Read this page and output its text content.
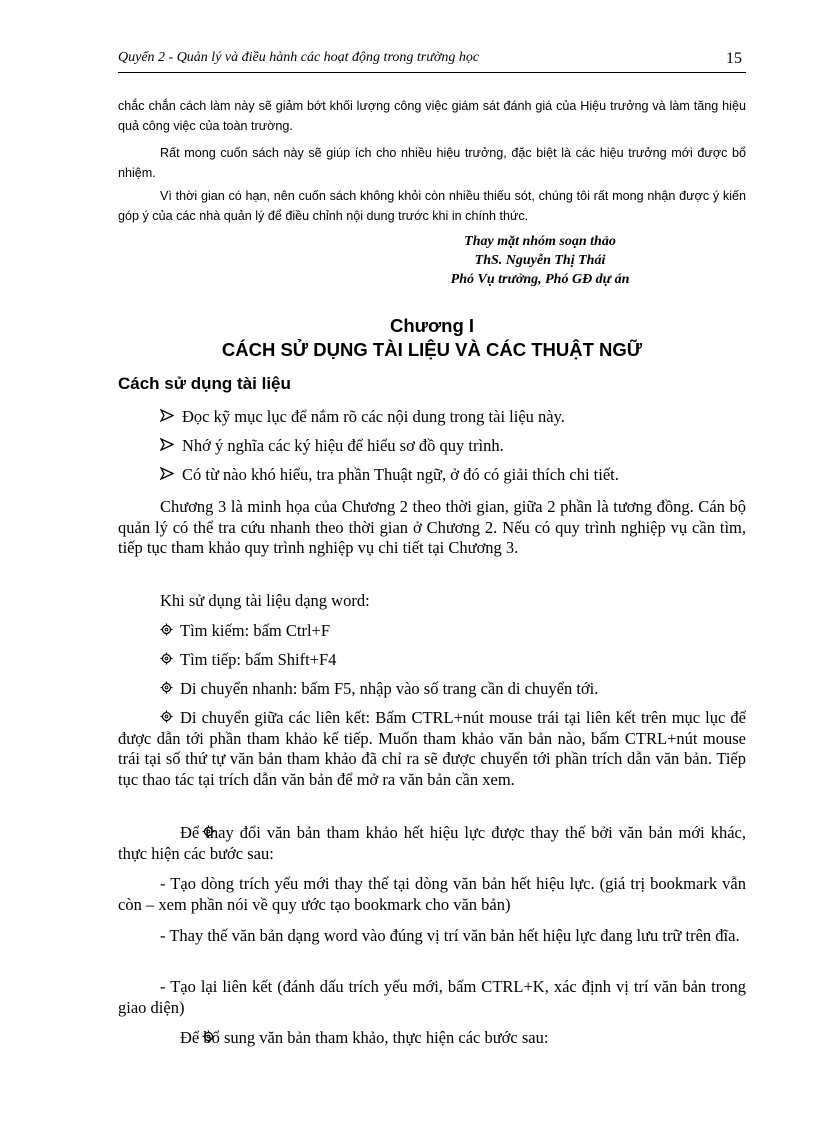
Quyển 2 - Quản lý và điều hành các hoạt động trong trường học	15
chắc chắn cách làm này sẽ giảm bớt khối lượng công việc giám sát đánh giá của Hiệu trưởng và làm tăng hiệu quả công việc của toàn trường.
Rất mong cuốn sách này sẽ giúp ích cho nhiều hiệu trưởng, đặc biệt là các hiệu trưởng mới được bổ nhiệm.
Vì thời gian có hạn, nên cuốn sách không khỏi còn nhiều thiếu sót, chúng tôi rất mong nhận được ý kiến góp ý của các nhà quản lý để điều chỉnh nội dung trước khi in chính thức.
Thay mặt nhóm soạn thảo
ThS. Nguyễn Thị Thái
Phó Vụ trưởng, Phó GĐ dự án
Chương I
CÁCH SỬ DỤNG TÀI LIỆU VÀ CÁC THUẬT NGỮ
Cách sử dụng tài liệu
Đọc kỹ mục lục để nắm rõ các nội dung trong tài liệu này.
Nhớ ý nghĩa các ký hiệu để hiểu sơ đồ quy trình.
Có từ nào khó hiểu, tra phần Thuật ngữ, ở đó có giải thích chi tiết.
Chương 3 là minh họa của Chương 2 theo thời gian, giữa 2 phần là tương đồng. Cán bộ quản lý có thể tra cứu nhanh theo thời gian ở Chương 2. Nếu có quy trình nghiệp vụ cần tìm, tiếp tục tham khảo quy trình nghiệp vụ chi tiết tại Chương 3.
Khi sử dụng tài liệu dạng word:
Tìm kiếm: bấm Ctrl+F
Tìm tiếp: bấm Shift+F4
Di chuyển nhanh: bấm F5, nhập vào số trang cần di chuyển tới.
Di chuyển giữa các liên kết: Bấm CTRL+nút mouse trái tại liên kết trên mục lục để được dẫn tới phần tham khảo kế tiếp. Muốn tham khảo văn bản nào, bấm CTRL+nút mouse trái tại số thứ tự văn bản tham khảo đã chỉ ra sẽ được chuyển tới phần trích dẫn văn bản. Tiếp tục thao tác tại trích dẫn văn bản để mở ra văn bản cần xem.
Để thay đổi văn bản tham khảo hết hiệu lực được thay thế bởi văn bản mới khác, thực hiện các bước sau:
- Tạo dòng trích yếu mới thay thế tại dòng văn bản hết hiệu lực. (giá trị bookmark vẫn còn – xem phần nói về quy ước tạo bookmark cho văn bản)
- Thay thế văn bản dạng word vào đúng vị trí văn bản hết hiệu lực đang lưu trữ trên đĩa.
- Tạo lại liên kết (đánh dấu trích yếu mới, bấm CTRL+K, xác định vị trí văn bản trong giao diện)
Để bổ sung văn bản tham khảo, thực hiện các bước sau:
